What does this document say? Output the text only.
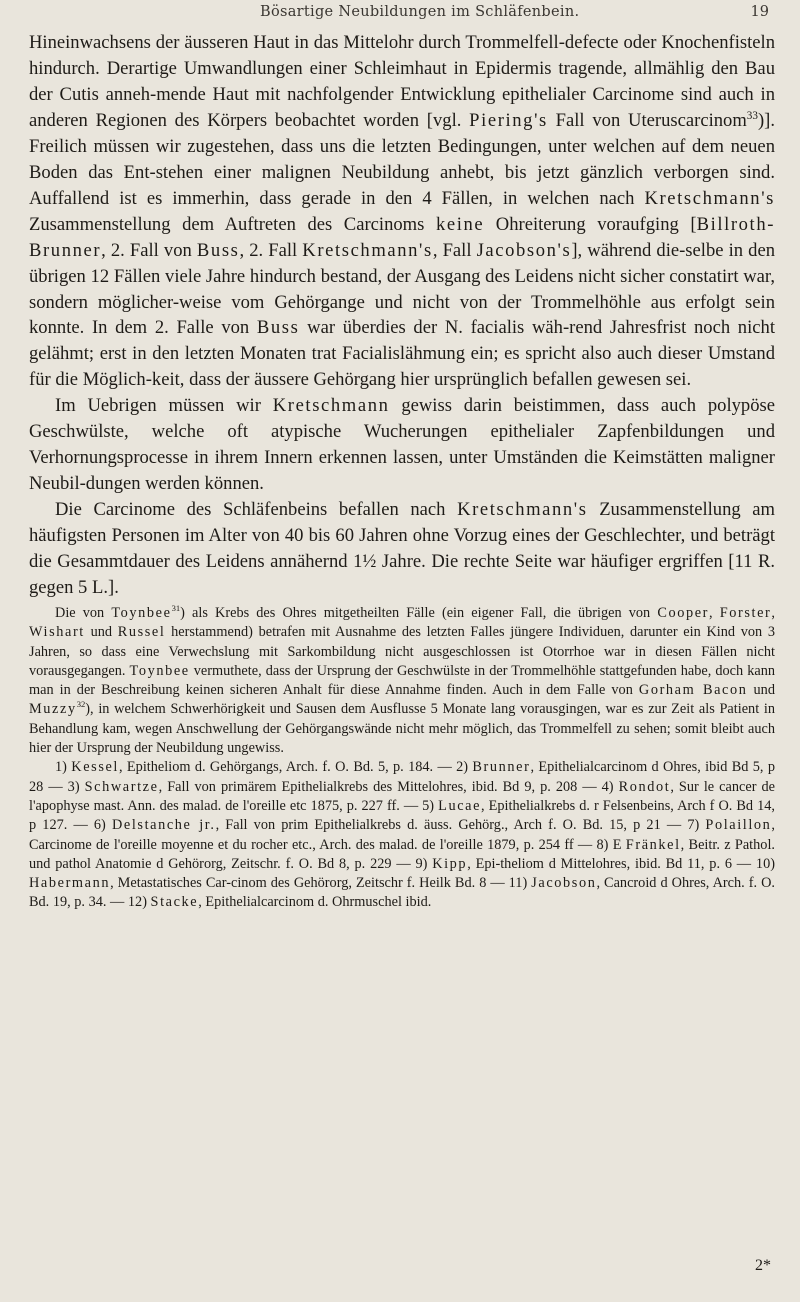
Bösartige Neubildungen im Schläfenbein.	19

Hineinwachsens der äusseren Haut in das Mittelohr durch Trommelfell-defecte oder Knochenfisteln hindurch. Derartige Umwandlungen einer Schleimhaut in Epidermis tragende, allmählig den Bau der Cutis anneh-mende Haut mit nachfolgender Entwicklung epithelialer Carcinome sind auch in anderen Regionen des Körpers beobachtet worden [vgl. Piering's Fall von Uteruscarcinom$^{33}$)]. Freilich müssen wir zugestehen, dass uns die letzten Bedingungen, unter welchen auf dem neuen Boden das Ent-stehen einer malignen Neubildung anhebt, bis jetzt gänzlich verborgen sind. Auffallend ist es immerhin, dass gerade in den 4 Fällen, in welchen nach Kretschmann's Zusammenstellung dem Auftreten des Carcinoms keine Ohreiterung voraufging [Billroth-Brunner, 2. Fall von Buss, 2. Fall Kretschmann's, Fall Jacobson's], während die-selbe in den übrigen 12 Fällen viele Jahre hindurch bestand, der Ausgang des Leidens nicht sicher constatirt war, sondern möglicher-weise vom Gehörgange und nicht von der Trommelhöhle aus erfolgt sein konnte. In dem 2. Falle von Buss war überdies der N. facialis wäh-rend Jahresfrist noch nicht gelähmt; erst in den letzten Monaten trat Facialislähmung ein; es spricht also auch dieser Umstand für die Möglich-keit, dass der äussere Gehörgang hier ursprünglich befallen gewesen sei.

Im Uebrigen müssen wir Kretschmann gewiss darin beistimmen, dass auch polypöse Geschwülste, welche oft atypische Wucherungen epithelialer Zapfenbildungen und Verhornungsprocesse in ihrem Innern erkennen lassen, unter Umständen die Keimstätten maligner Neubil-dungen werden können.

Die Carcinome des Schläfenbeins befallen nach Kretschmann's Zusammenstellung am häufigsten Personen im Alter von 40 bis 60 Jahren ohne Vorzug eines der Geschlechter, und beträgt die Gesammtdauer des Leidens annähernd 1½ Jahre. Die rechte Seite war häufiger ergriffen [11 R. gegen 5 L.].

Die von Toynbee$^{31}$) als Krebs des Ohres mitgetheilten Fälle (ein eigener Fall, die übrigen von Cooper, Forster, Wishart und Russel herstammend) betrafen mit Ausnahme des letzten Falles jüngere Individuen, darunter ein Kind von 3 Jahren, so dass eine Verwechslung mit Sarkombildung nicht ausgeschlossen ist Otorrhoe war in diesen Fällen nicht vorausgegangen. Toynbee vermuthete, dass der Ursprung der Geschwülste in der Trommelhöhle stattgefunden habe, doch kann man in der Beschreibung keinen sicheren Anhalt für diese Annahme finden. Auch in dem Falle von Gorham Bacon und Muzzy$^{32}$), in welchem Schwerhörigkeit und Sausen dem Ausflusse 5 Monate lang vorausgingen, war es zur Zeit als Patient in Behandlung kam, wegen Anschwellung der Gehörgangswände nicht mehr möglich, das Trommelfell zu sehen; somit bleibt auch hier der Ursprung der Neubildung ungewiss.

1) Kessel, Epitheliom d. Gehörgangs, Arch. f. O. Bd. 5, p. 184. — 2) Brunner, Epithelialcarcinom d Ohres, ibid Bd 5, p 28 — 3) Schwartze, Fall von primärem Epithelialkrebs des Mittelohres, ibid. Bd 9, p. 208 — 4) Rondot, Sur le cancer de l'apophyse mast. Ann. des malad. de l'oreille etc 1875, p. 227 ff. — 5) Lucae, Epithelialkrebs d. r Felsenbeins, Arch f O. Bd 14, p 127. — 6) Delstanche jr., Fall von prim Epithelialkrebs d. äuss. Gehörg., Arch f. O. Bd. 15, p 21 — 7) Polaillon, Carcinome de l'oreille moyenne et du rocher etc., Arch. des malad. de l'oreille 1879, p. 254 ff — 8) E Fränkel, Beitr. z Pathol. und pathol Anatomie d Gehörorg, Zeitschr. f. O. Bd 8, p. 229 — 9) Kipp, Epi-theliom d Mittelohres, ibid. Bd 11, p. 6 — 10) Habermann, Metastatisches Car-cinom des Gehörorg, Zeitschr f. Heilk Bd. 8 — 11) Jacobson, Cancroid d Ohres, Arch. f. O. Bd. 19, p. 34. — 12) Stacke, Epithelialcarcinom d. Ohrmuschel ibid.

2*
